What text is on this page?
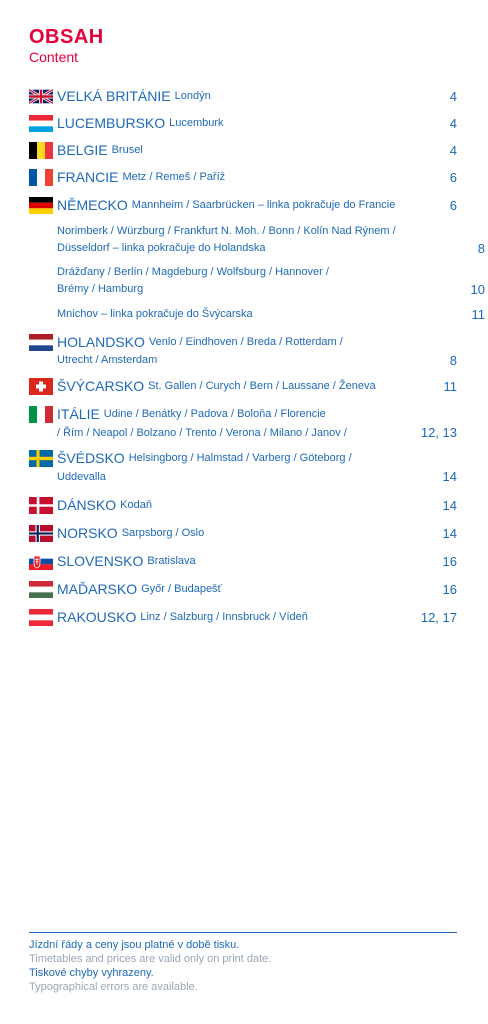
OBSAH
Content
VELKÁ BRITÁNIE Londýn	4
LUCEMBURSKO Lucemburk	4
BELGIE Brusel	4
FRANCIE Metz / Remeš / Paříž	6
NĚMECKO Mannheim / Saarbrücken – linka pokračuje do Francie	6
Norimberk / Würzburg / Frankfurt N. Moh. / Bonn / Kolín Nad Rýnem /
Düsseldorf – linka pokračuje do Holandska	8
Drážďany / Berlín / Magdeburg / Wolfsburg / Hannover /
Brémy / Hamburg	10
Mnichov – linka pokračuje do Švýcarska	11
HOLANDSKO Venlo / Eindhoven / Breda / Rotterdam /
Utrecht / Amsterdam	8
ŠVÝCARSKO St. Gallen / Curych / Bern / Laussane / Ženeva	11
ITÁLIE Udine / Benátky / Padova / Boloňa / Florencie
/ Řím / Neapol / Bolzano / Trento / Verona / Milano / Janov /	12, 13
ŠVÉDSKO Helsingborg / Halmstad / Varberg / Göteborg /
Uddevalla	14
DÁNSKO Kodaň	14
NORSKO Sarpsborg / Oslo	14
SLOVENSKO Bratislava	16
MAĎARSKO Győr / Budapešť	16
RAKOUSKO Linz / Salzburg / Innsbruck / Vídeň	12, 17
Jízdní řády a ceny jsou platné v době tisku.
Timetables and prices are valid only on print date.
Tiskové chyby vyhrazeny.
Typographical errors are available.
